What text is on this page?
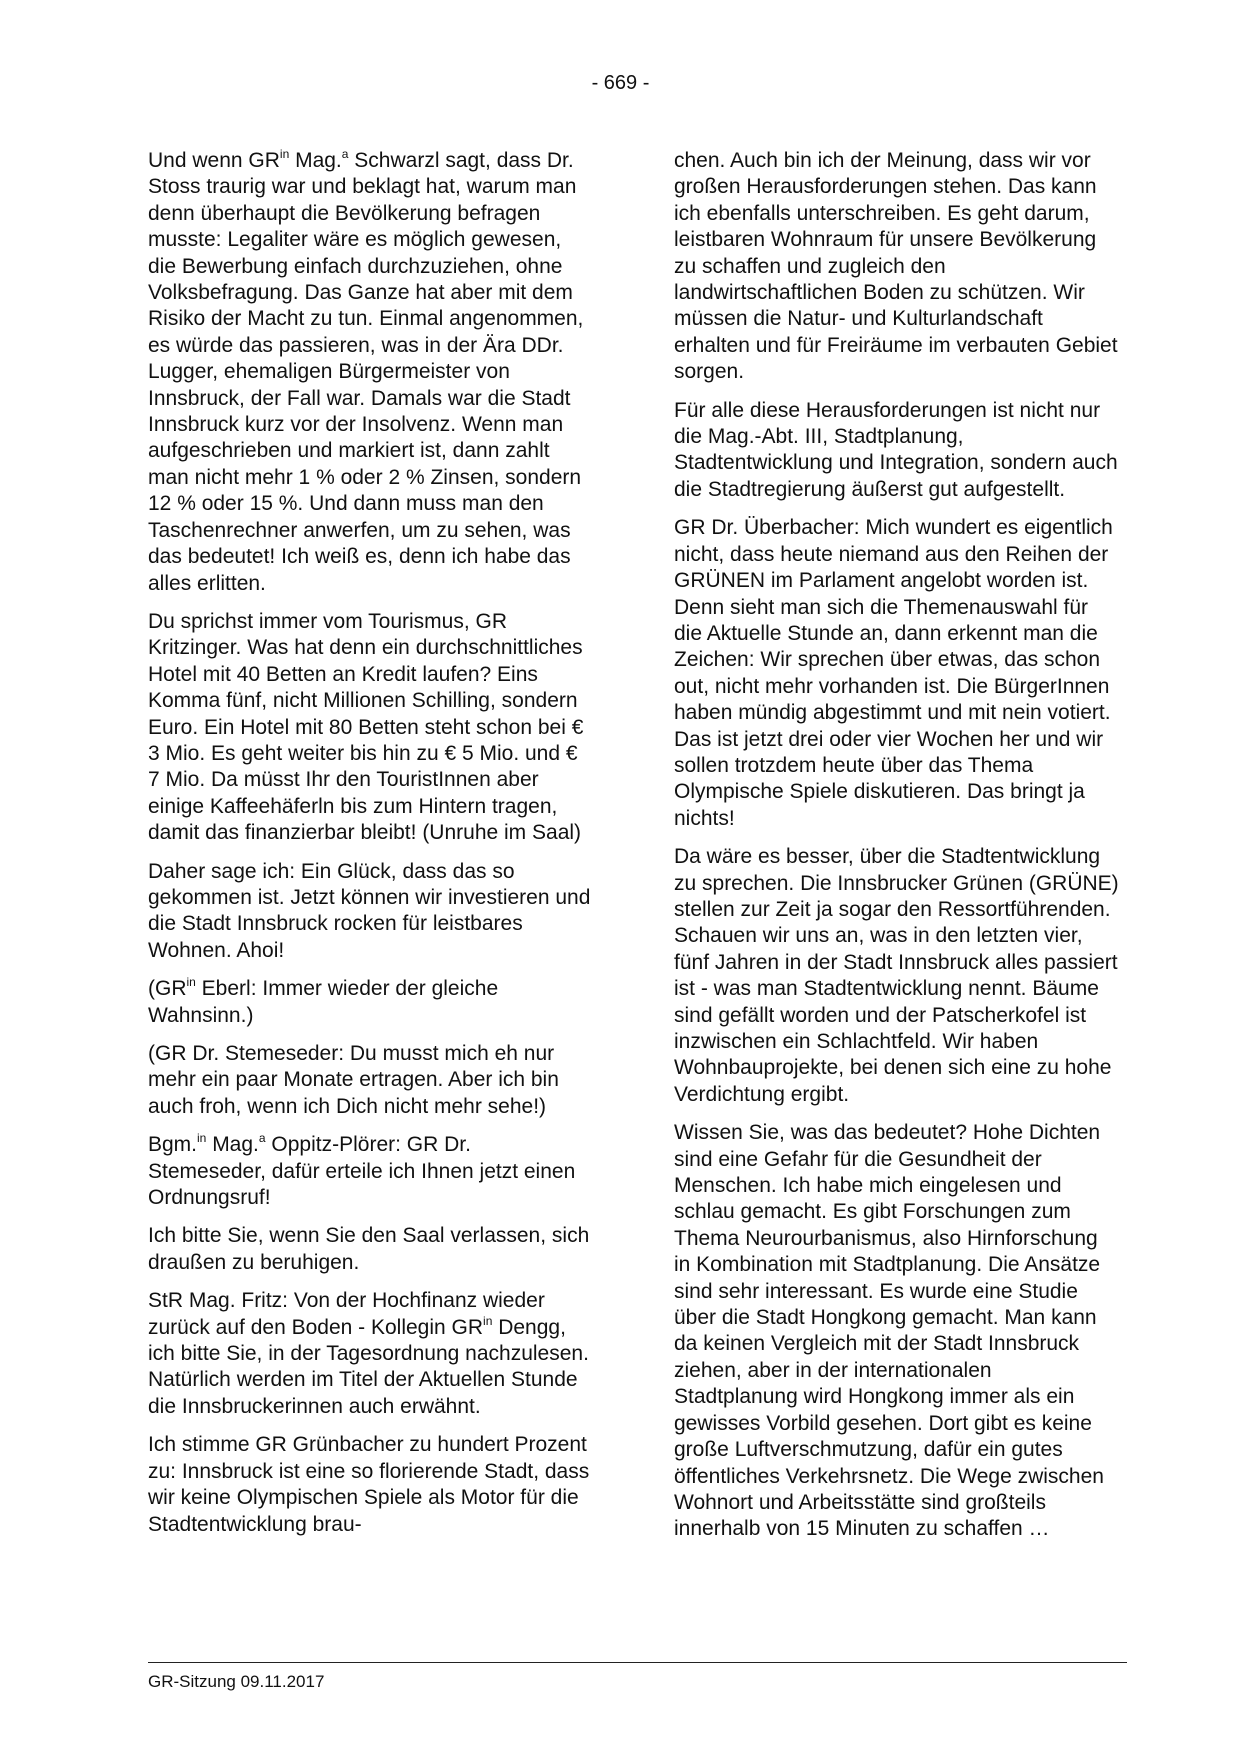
- 669 -

Und wenn $GR^{in}$ Mag.$^a$ Schwarzl sagt, dass Dr. Stoss traurig war und beklagt hat, warum man denn überhaupt die Bevölkerung befragen musste: Legaliter wäre es möglich gewesen, die Bewerbung einfach durchzuziehen, ohne Volksbefragung. Das Ganze hat aber mit dem Risiko der Macht zu tun. Einmal angenommen, es würde das passieren, was in der Ära DDr. Lugger, ehemaligen Bürgermeister von Innsbruck, der Fall war. Damals war die Stadt Innsbruck kurz vor der Insolvenz. Wenn man aufgeschrieben und markiert ist, dann zahlt man nicht mehr 1 % oder 2 % Zinsen, sondern 12 % oder 15 %. Und dann muss man den Taschenrechner anwerfen, um zu sehen, was das bedeutet! Ich weiß es, denn ich habe das alles erlitten.

Du sprichst immer vom Tourismus, GR Kritzinger. Was hat denn ein durchschnittliches Hotel mit 40 Betten an Kredit laufen? Eins Komma fünf, nicht Millionen Schilling, sondern Euro. Ein Hotel mit 80 Betten steht schon bei € 3 Mio. Es geht weiter bis hin zu € 5 Mio. und € 7 Mio. Da müsst Ihr den TouristInnen aber einige Kaffeehäferln bis zum Hintern tragen, damit das finanzierbar bleibt! (Unruhe im Saal)

Daher sage ich: Ein Glück, dass das so gekommen ist. Jetzt können wir investieren und die Stadt Innsbruck rocken für leistbares Wohnen. Ahoi!

($GR^{in}$ Eberl: Immer wieder der gleiche Wahnsinn.)

(GR Dr. Stemeseder: Du musst mich eh nur mehr ein paar Monate ertragen. Aber ich bin auch froh, wenn ich Dich nicht mehr sehe!)

Bgm.$^{in}$ Mag.$^a$ Oppitz-Plörer: GR Dr. Stemeseder, dafür erteile ich Ihnen jetzt einen Ordnungsruf!

Ich bitte Sie, wenn Sie den Saal verlassen, sich draußen zu beruhigen.

StR Mag. Fritz: Von der Hochfinanz wieder zurück auf den Boden - Kollegin $GR^{in}$ Dengg, ich bitte Sie, in der Tagesordnung nachzulesen. Natürlich werden im Titel der Aktuellen Stunde die Innsbruckerinnen auch erwähnt.

Ich stimme GR Grünbacher zu hundert Prozent zu: Innsbruck ist eine so florierende Stadt, dass wir keine Olympischen Spiele als Motor für die Stadtentwicklung brau-

chen. Auch bin ich der Meinung, dass wir vor großen Herausforderungen stehen. Das kann ich ebenfalls unterschreiben. Es geht darum, leistbaren Wohnraum für unsere Bevölkerung zu schaffen und zugleich den landwirtschaftlichen Boden zu schützen. Wir müssen die Natur- und Kulturlandschaft erhalten und für Freiräume im verbauten Gebiet sorgen.

Für alle diese Herausforderungen ist nicht nur die Mag.-Abt. III, Stadtplanung, Stadtentwicklung und Integration, sondern auch die Stadtregierung äußerst gut aufgestellt.

GR Dr. Überbacher: Mich wundert es eigentlich nicht, dass heute niemand aus den Reihen der GRÜNEN im Parlament angelobt worden ist. Denn sieht man sich die Themenauswahl für die Aktuelle Stunde an, dann erkennt man die Zeichen: Wir sprechen über etwas, das schon out, nicht mehr vorhanden ist. Die BürgerInnen haben mündig abgestimmt und mit nein votiert. Das ist jetzt drei oder vier Wochen her und wir sollen trotzdem heute über das Thema Olympische Spiele diskutieren. Das bringt ja nichts!

Da wäre es besser, über die Stadtentwicklung zu sprechen. Die Innsbrucker Grünen (GRÜNE) stellen zur Zeit ja sogar den Ressortführenden. Schauen wir uns an, was in den letzten vier, fünf Jahren in der Stadt Innsbruck alles passiert ist - was man Stadtentwicklung nennt. Bäume sind gefällt worden und der Patscherkofel ist inzwischen ein Schlachtfeld. Wir haben Wohnbauprojekte, bei denen sich eine zu hohe Verdichtung ergibt.

Wissen Sie, was das bedeutet? Hohe Dichten sind eine Gefahr für die Gesundheit der Menschen. Ich habe mich eingelesen und schlau gemacht. Es gibt Forschungen zum Thema Neurourbanismus, also Hirnforschung in Kombination mit Stadtplanung. Die Ansätze sind sehr interessant. Es wurde eine Studie über die Stadt Hongkong gemacht. Man kann da keinen Vergleich mit der Stadt Innsbruck ziehen, aber in der internationalen Stadtplanung wird Hongkong immer als ein gewisses Vorbild gesehen. Dort gibt es keine große Luftverschmutzung, dafür ein gutes öffentliches Verkehrsnetz. Die Wege zwischen Wohnort und Arbeitsstätte sind großteils innerhalb von 15 Minuten zu schaffen …

GR-Sitzung 09.11.2017
